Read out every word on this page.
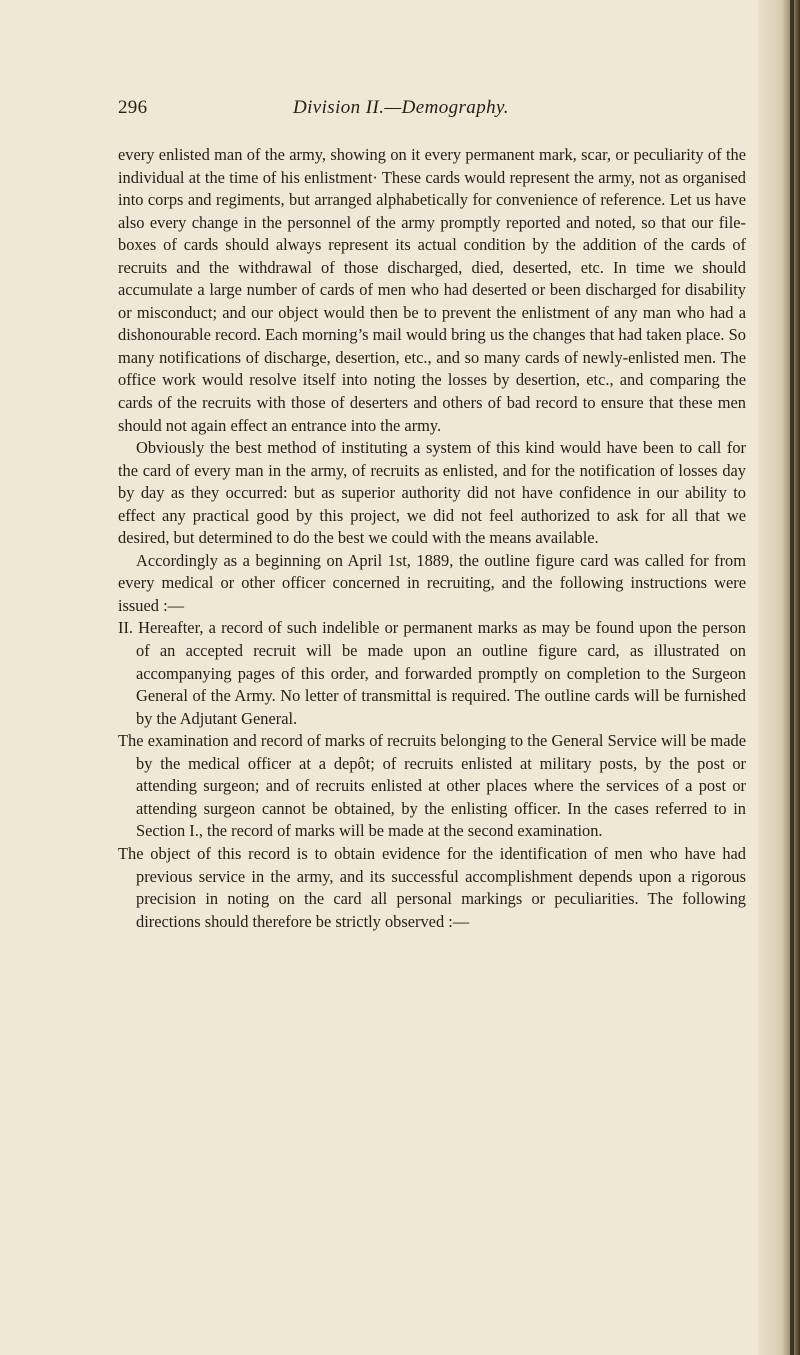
296	Division II.—Demography.

every enlisted man of the army, showing on it every permanent mark, scar, or peculiarity of the individual at the time of his enlistment· These cards would represent the army, not as organised into corps and regiments, but arranged alphabetically for convenience of reference. Let us have also every change in the personnel of the army promptly reported and noted, so that our file-boxes of cards should always represent its actual condition by the addition of the cards of recruits and the withdrawal of those discharged, died, deserted, etc. In time we should accumulate a large number of cards of men who had deserted or been discharged for disability or misconduct; and our object would then be to prevent the enlistment of any man who had a dishonourable record. Each morning’s mail would bring us the changes that had taken place. So many notifications of discharge, desertion, etc., and so many cards of newly-enlisted men. The office work would resolve itself into noting the losses by desertion, etc., and comparing the cards of the recruits with those of deserters and others of bad record to ensure that these men should not again effect an entrance into the army.

Obviously the best method of instituting a system of this kind would have been to call for the card of every man in the army, of recruits as enlisted, and for the notification of losses day by day as they occurred: but as superior authority did not have confidence in our ability to effect any practical good by this project, we did not feel authorized to ask for all that we desired, but determined to do the best we could with the means available.

Accordingly as a beginning on April 1st, 1889, the outline figure card was called for from every medical or other officer concerned in recruiting, and the following instructions were issued :—

II. Hereafter, a record of such indelible or permanent marks as may be found upon the person of an accepted recruit will be made upon an outline figure card, as illustrated on accompanying pages of this order, and forwarded promptly on completion to the Surgeon General of the Army. No letter of transmittal is required. The outline cards will be furnished by the Adjutant General.

The examination and record of marks of recruits belonging to the General Service will be made by the medical officer at a depôt; of recruits enlisted at military posts, by the post or attending surgeon; and of recruits enlisted at other places where the services of a post or attending surgeon cannot be obtained, by the enlisting officer. In the cases referred to in Section I., the record of marks will be made at the second examination.

The object of this record is to obtain evidence for the identification of men who have had previous service in the army, and its successful accomplishment depends upon a rigorous precision in noting on the card all personal markings or peculiarities. The following directions should therefore be strictly observed :—
